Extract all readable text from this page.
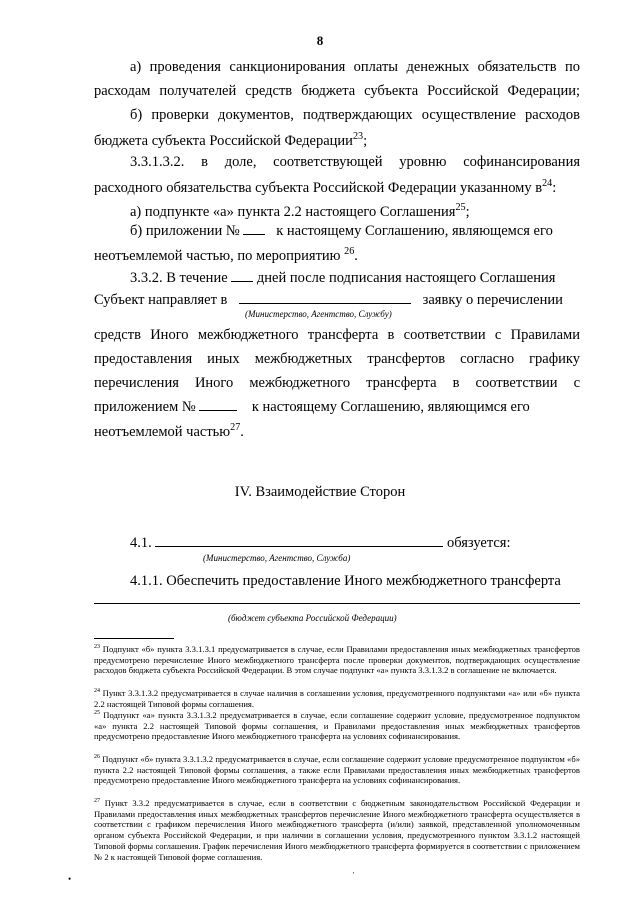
8
а) проведения санкционирования оплаты денежных обязательств по
расходам получателей средств бюджета субъекта Российской Федерации;
б) проверки документов, подтверждающих осуществление расходов
бюджета субъекта Российской Федерации$^{23}$;
3.3.1.3.2. в доле, соответствующей уровню софинансирования
расходного обязательства субъекта Российской Федерации указанному $в^{24}$:
а) подпункте «а» пункта 2.2 настоящего Соглашения$^{25}$;
б) приложении №	к настоящему Соглашению, являющемся его
неотъемлемой частью, по мероприятию $^{26}$.
3.3.2. В течение дней после подписания настоящего Соглашения
Субъект направляет в	заявку о перечислении
(Министерство, Агентство, Службу)
средств Иного межбюджетного трансферта в соответствии с Правилами
предоставления иных межбюджетных трансфертов согласно графику
перечисления Иного межбюджетного трансферта в соответствии с
приложением №	к настоящему Соглашению, являющимся его
неотъемлемой частью$^{27}$.
IV. Взаимодействие Сторон
4.1.	обязуется:
(Министерство, Агентство, Служба)
4.1.1. Обеспечить предоставление Иного межбюджетного трансферта
(бюджет субъекта Российской Федерации)
$^{23}$ Подпункт «б» пункта 3.3.1.3.1 предусматривается в случае, если Правилами предоставления иных межбюджетных трансфертов предусмотрено перечисление Иного межбюджетного трансферта после проверки документов, подтверждающих осуществление расходов бюджета субъекта Российской Федерации. В этом случае подпункт «а» пункта 3.3.1.3.2 в соглашение не включается.
$^{24}$ Пункт 3.3.1.3.2 предусматривается в случае наличия в соглашении условия, предусмотренного подпунктами «а» или «б» пункта 2.2 настоящей Типовой формы соглашения.
$^{25}$ Подпункт «а» пункта 3.3.1.3.2 предусматривается в случае, если соглашение содержит условие, предусмотренное подпунктом «а» пункта 2.2 настоящей Типовой формы соглашения, и Правилами предоставления иных межбюджетных трансфертов предусмотрено предоставление Иного межбюджетного трансферта на условиях софинансирования.
$^{26}$ Подпункт «б» пункта 3.3.1.3.2 предусматривается в случае, если соглашение содержит условие предусмотренное подпунктом «б» пункта 2.2 настоящей Типовой формы соглашения, а также если Правилами предоставления иных межбюджетных трансфертов предусмотрено предоставление Иного межбюджетного трансферта на условиях софинансирования.
$^{27}$ Пункт 3.3.2 предусматривается в случае, если в соответствии с бюджетным законодательством Российской Федерации и Правилами предоставления иных межбюджетных трансфертов перечисление Иного межбюджетного трансферта осуществляется в соответствии с графиком перечисления Иного межбюджетного трансферта (и/или) заявкой, представленной уполномоченным органом субъекта Российской Федерации, и при наличии в соглашении условия, предусмотренного пунктом 3.3.1.2 настоящей Типовой формы соглашения. График перечисления Иного межбюджетного трансферта формируется в соответствии с приложением № 2 к настоящей Типовой форме соглашения.
•
·
